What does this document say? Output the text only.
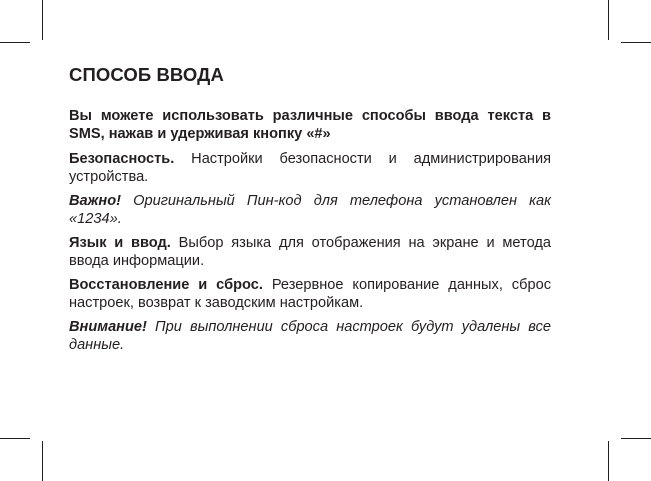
СПОСОБ ВВОДА

Вы можете использовать различные способы ввода текста в SMS, нажав и удерживая кнопку «#»

Безопасность. Настройки безопасности и администрирования устройства.

Важно! Оригинальный Пин-код для телефона установлен как «1234».

Язык и ввод. Выбор языка для отображения на экране и метода ввода информации.

Восстановление и сброс. Резервное копирование данных, сброс настроек, возврат к заводским настройкам.

Внимание! При выполнении сброса настроек будут удалены все данные.
